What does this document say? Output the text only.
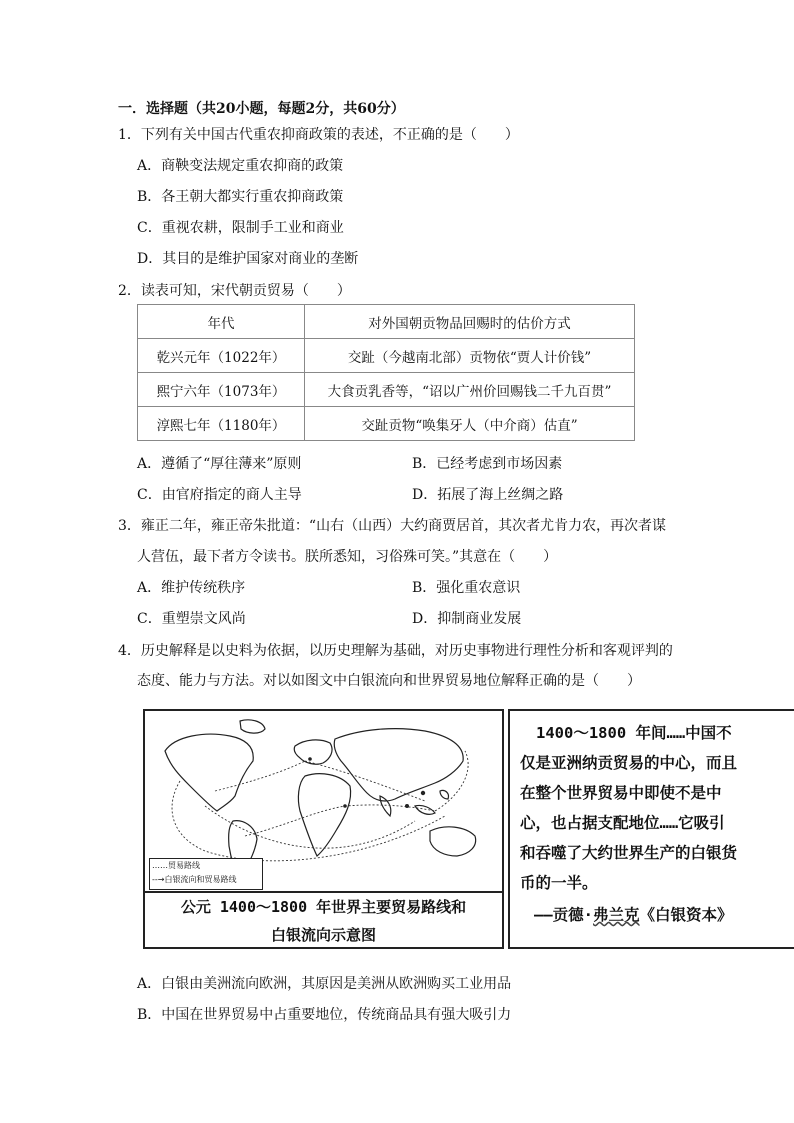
一．选择题（共20小题，每题2分，共60分）
1．下列有关中国古代重农抑商政策的表述，不正确的是（　　）
A．商鞅变法规定重农抑商的政策
B．各王朝大都实行重农抑商政策
C．重视农耕，限制手工业和商业
D．其目的是维护国家对商业的垄断
2．读表可知，宋代朝贡贸易（　　）
年代	对外国朝贡物品回赐时的估价方式
乾兴元年（1022年）	交趾（今越南北部）贡物依“贾人计价钱”
熙宁六年（1073年）	大食贡乳香等，“诏以广州价回赐钱二千九百贯”
淳熙七年（1180年）	交趾贡物“唤集牙人（中介商）估直”
A．遵循了“厚往薄来”原则	B．已经考虑到市场因素
C．由官府指定的商人主导	D．拓展了海上丝绸之路
3．雍正二年，雍正帝朱批道：“山右（山西）大约商贾居首，其次者尤肯力农，再次者谋
人营伍，最下者方令读书。朕所悉知，习俗殊可笑。”其意在（　　）
A．维护传统秩序	B．强化重农意识
C．重塑崇文风尚	D．抑制商业发展
4．历史解释是以史料为依据，以历史理解为基础，对历史事物进行理性分析和客观评判的
态度、能力与方法。对以如图文中白银流向和世界贸易地位解释正确的是（　　）
……贸易路线
--→白银流向和贸易路线
公元 1400～1800 年世界主要贸易路线和
白银流向示意图
1400～1800 年间……中国不
仅是亚洲纳贡贸易的中心，而且
在整个世界贸易中即使不是中
心，也占据支配地位……它吸引
和吞噬了大约世界生产的白银货
币的一半。
——贡德·弗兰克《白银资本》
A．白银由美洲流向欧洲，其原因是美洲从欧洲购买工业用品
B．中国在世界贸易中占重要地位，传统商品具有强大吸引力
